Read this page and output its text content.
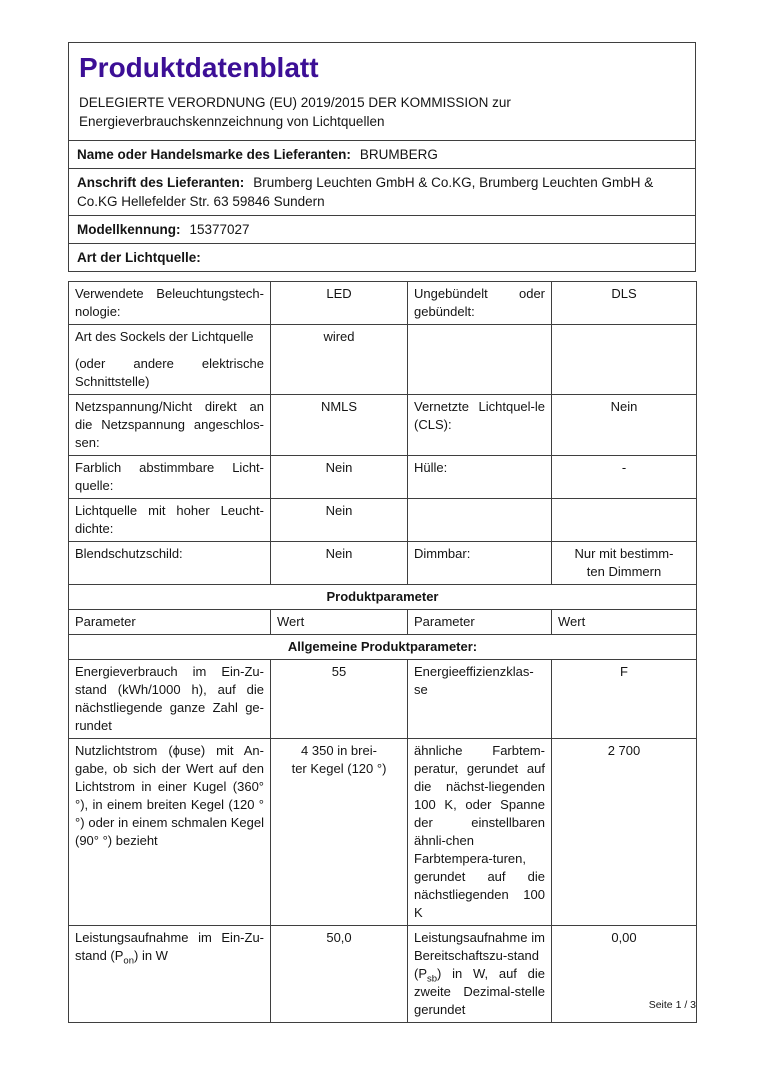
Produktdatenblatt
DELEGIERTE VERORDNUNG (EU) 2019/2015 DER KOMMISSION zur
Energieverbrauchskennzeichnung von Lichtquellen
Name oder Handelsmarke des Lieferanten: BRUMBERG
Anschrift des Lieferanten: Brumberg Leuchten GmbH & Co.KG, Brumberg Leuchten GmbH & Co.KG Hellefelder Str. 63 59846 Sundern
Modellkennung: 15377027
Art der Lichtquelle:
Verwendete Beleuchtungstech-nologie:	LED	Ungebündelt oder gebündelt:	DLS

Art des Sockels der Lichtquelle

(oder andere elektrische Schnittstelle)	wired		
Netzspannung/Nicht direkt an die Netzspannung angeschlos-sen:	NMLS	Vernetzte Lichtquel-le (CLS):	Nein
Farblich abstimmbare Licht-quelle:	Nein	Hülle:	-
Lichtquelle mit hoher Leucht-dichte:	Nein		
Blendschutzschild:	Nein	Dimmbar:	Nur mit bestimm-
ten Dimmern

Produktparameter			
Parameter	Wert	Parameter	Wert
Allgemeine Produktparameter:			
Energieverbrauch im Ein-Zu-stand (kWh/1000 h), auf die nächstliegende ganze Zahl ge-rundet	55	Energieeffizienzklas-se	F
Nutzlichtstrom (ϕuse) mit An-gabe, ob sich der Wert auf den Lichtstrom in einer Kugel (360° °), in einem breiten Kegel (120 °°) oder in einem schmalen Kegel (90° °) bezieht	4 350 in brei-
ter Kegel (120 °)	ähnliche Farbtem-peratur, gerundet auf die nächst-liegenden 100 K, oder Spanne der einstellbaren ähnli-chen Farbtempera-turen, gerundet auf die nächstliegenden 100 K	2 700
Leistungsaufnahme im Ein-Zu-stand $(P_{on})$ in W	50,0	Leistungsaufnahme im Bereitschaftszu-stand $(P_{sb})$ in W, auf die zweite Dezimal-stelle gerundet	0,00
Seite 1 / 3
